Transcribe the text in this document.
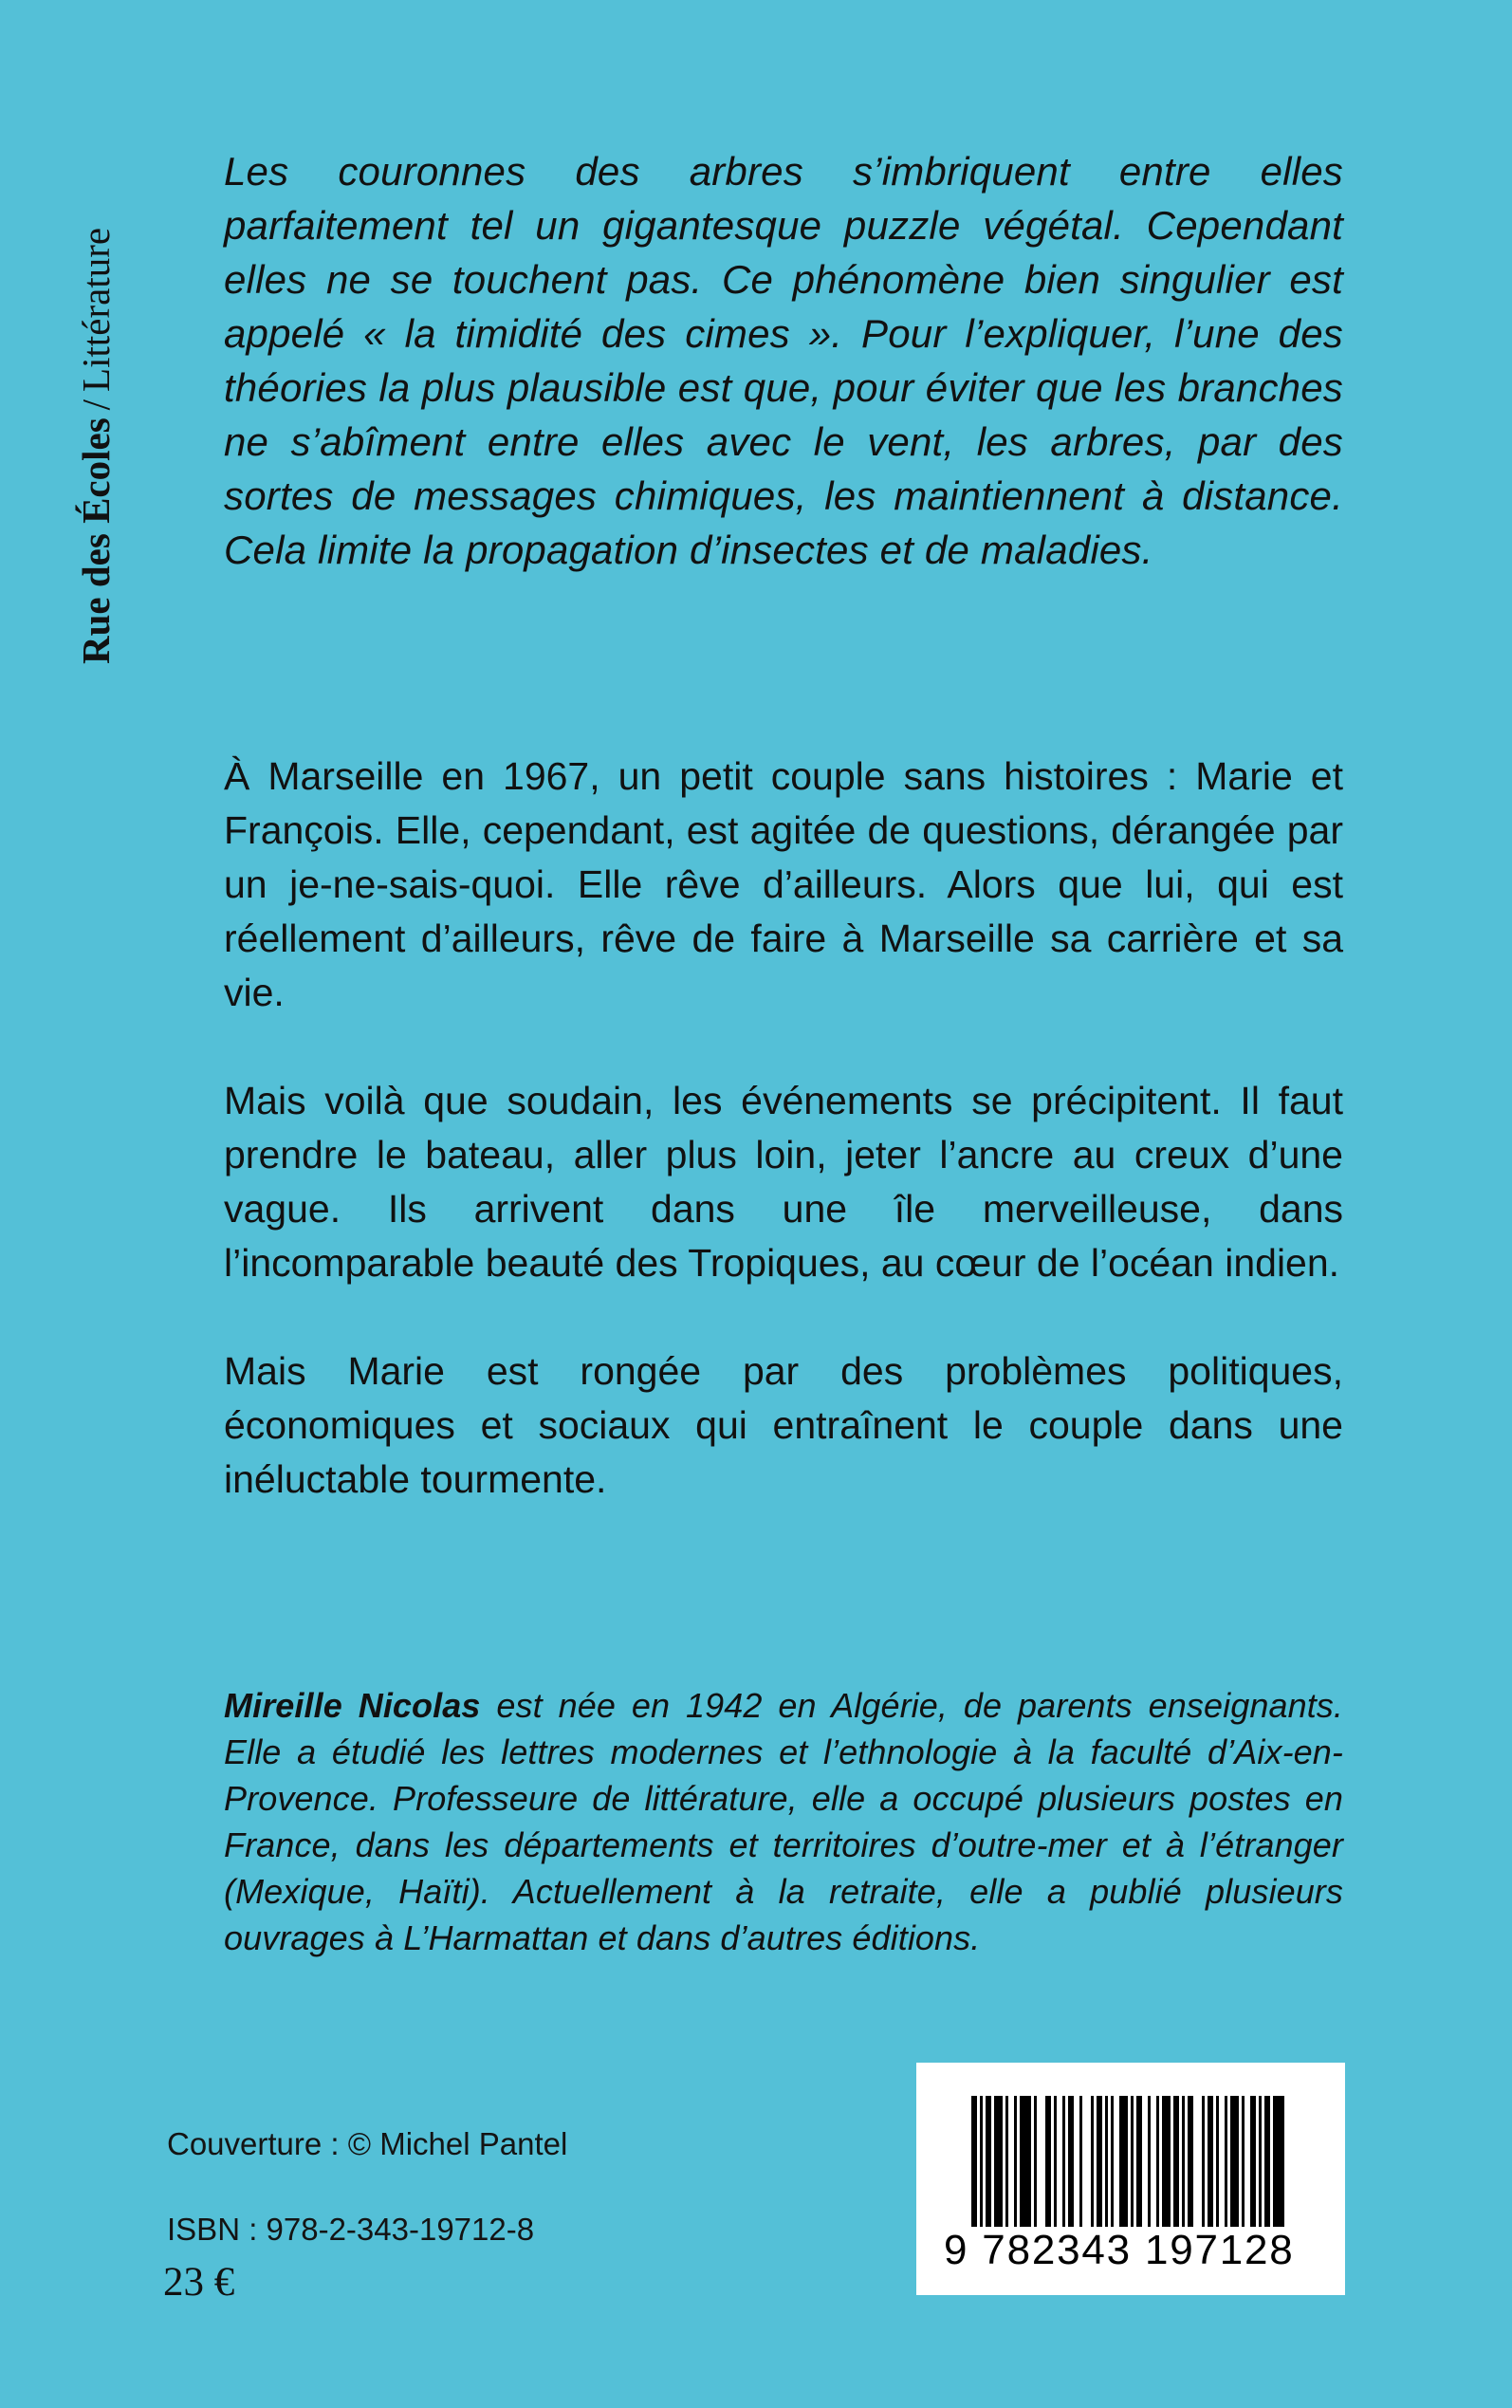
Rue des Écoles
/
Littérature
Les couronnes des arbres s’imbriquent entre elles parfaitement tel un gigantesque puzzle végétal. Cependant elles ne se touchent pas. Ce phénomène bien singulier est appelé « la timidité des cimes ». Pour l’expliquer, l’une des théories la plus plausible est que, pour éviter que les branches ne s’abîment entre elles avec le vent, les arbres, par des sortes de messages chimiques, les maintiennent à distance. Cela limite la propagation d’insectes et de maladies.

À Marseille en 1967, un petit couple sans histoires : Marie et François. Elle, cependant, est agitée de questions, dérangée par un je-ne-sais-quoi. Elle rêve d’ailleurs. Alors que lui, qui est réellement d’ailleurs, rêve de faire à Marseille sa carrière et sa vie.

Mais voilà que soudain, les événements se précipitent. Il faut prendre le bateau, aller plus loin, jeter l’ancre au creux d’une vague. Ils arrivent dans une île merveilleuse, dans l’incomparable beauté des Tropiques, au cœur de l’océan indien.

Mais Marie est rongée par des problèmes politiques, économiques et sociaux qui entraînent le couple dans une inéluctable tourmente.

Mireille Nicolas est née en 1942 en Algérie, de parents enseignants. Elle a étudié les lettres modernes et l’ethnologie à la faculté d’Aix-en-Provence. Professeure de littérature, elle a occupé plusieurs postes en France, dans les départements et territoires d’outre-mer et à l’étranger (Mexique, Haïti). Actuellement à la retraite, elle a publié plusieurs ouvrages à L’Harmattan et dans d’autres éditions.
Couverture : © Michel Pantel
ISBN : 978-2-343-19712-8
23 €
9 782343 197128
